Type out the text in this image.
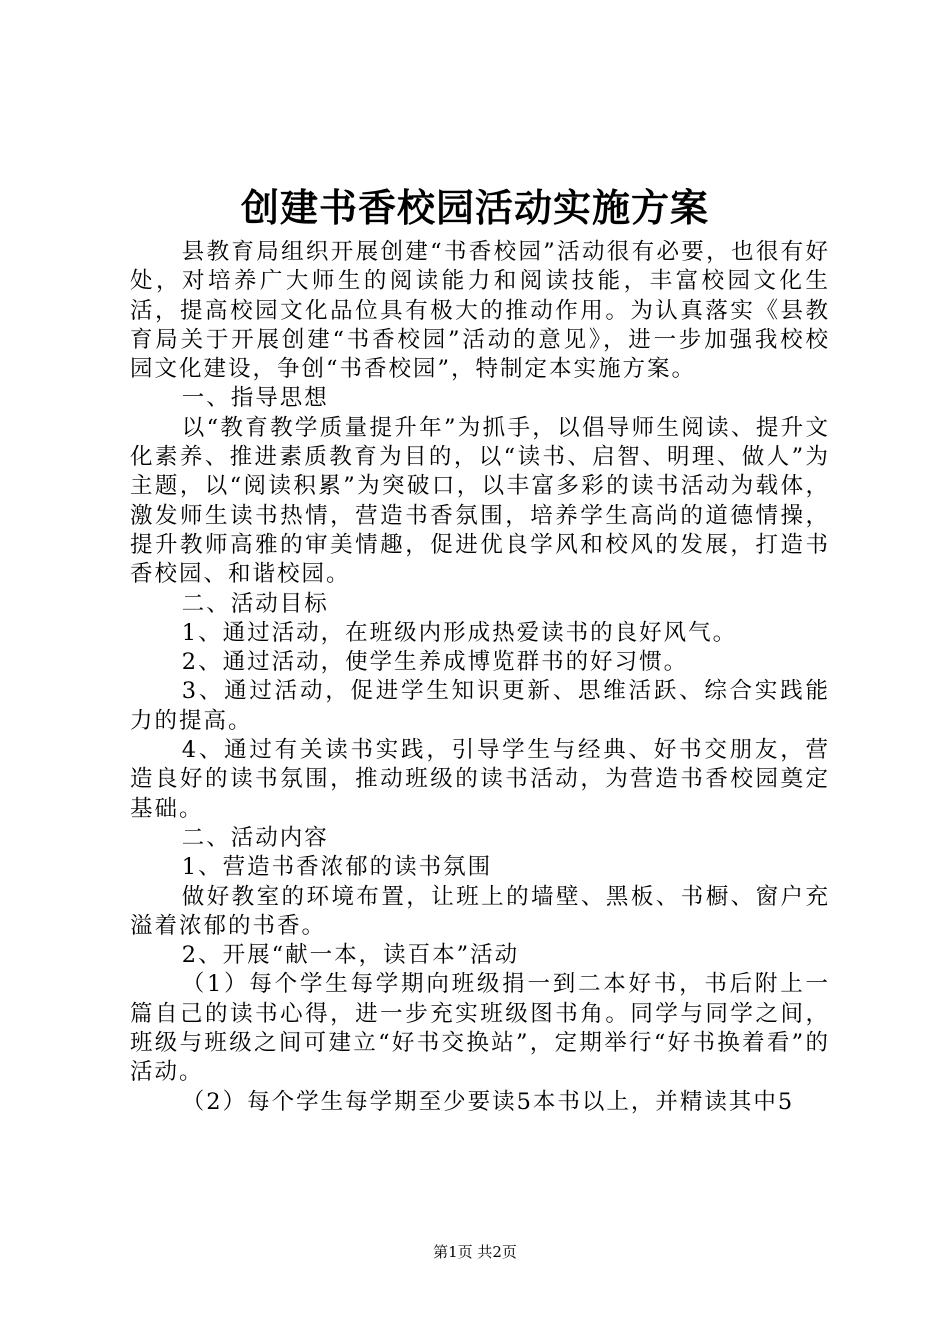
创建书香校园活动实施方案

县教育局组织开展创建“书香校园”活动很有必要，也很有好处，对培养广大师生的阅读能力和阅读技能，丰富校园文化生活，提高校园文化品位具有极大的推动作用。为认真落实《县教育局关于开展创建“书香校园”活动的意见》，进一步加强我校校园文化建设，争创“书香校园”，特制定本实施方案。

一、指导思想

以“教育教学质量提升年”为抓手，以倡导师生阅读、提升文化素养、推进素质教育为目的，以“读书、启智、明理、做人”为主题，以“阅读积累”为突破口，以丰富多彩的读书活动为载体，激发师生读书热情，营造书香氛围，培养学生高尚的道德情操，提升教师高雅的审美情趣，促进优良学风和校风的发展，打造书香校园、和谐校园。

二、活动目标

1、通过活动，在班级内形成热爱读书的良好风气。

2、通过活动，使学生养成博览群书的好习惯。

3、通过活动，促进学生知识更新、思维活跃、综合实践能力的提高。

4、通过有关读书实践，引导学生与经典、好书交朋友，营造良好的读书氛围，推动班级的读书活动，为营造书香校园奠定基础。

二、活动内容

1、营造书香浓郁的读书氛围

做好教室的环境布置，让班上的墙壁、黑板、书橱、窗户充溢着浓郁的书香。

2、开展“献一本，读百本”活动

（1）每个学生每学期向班级捐一到二本好书，书后附上一篇自己的读书心得，进一步充实班级图书角。同学与同学之间，班级与班级之间可建立“好书交换站”，定期举行“好书换着看”的活动。

（2）每个学生每学期至少要读5本书以上，并精读其中5

第1页 共2页
